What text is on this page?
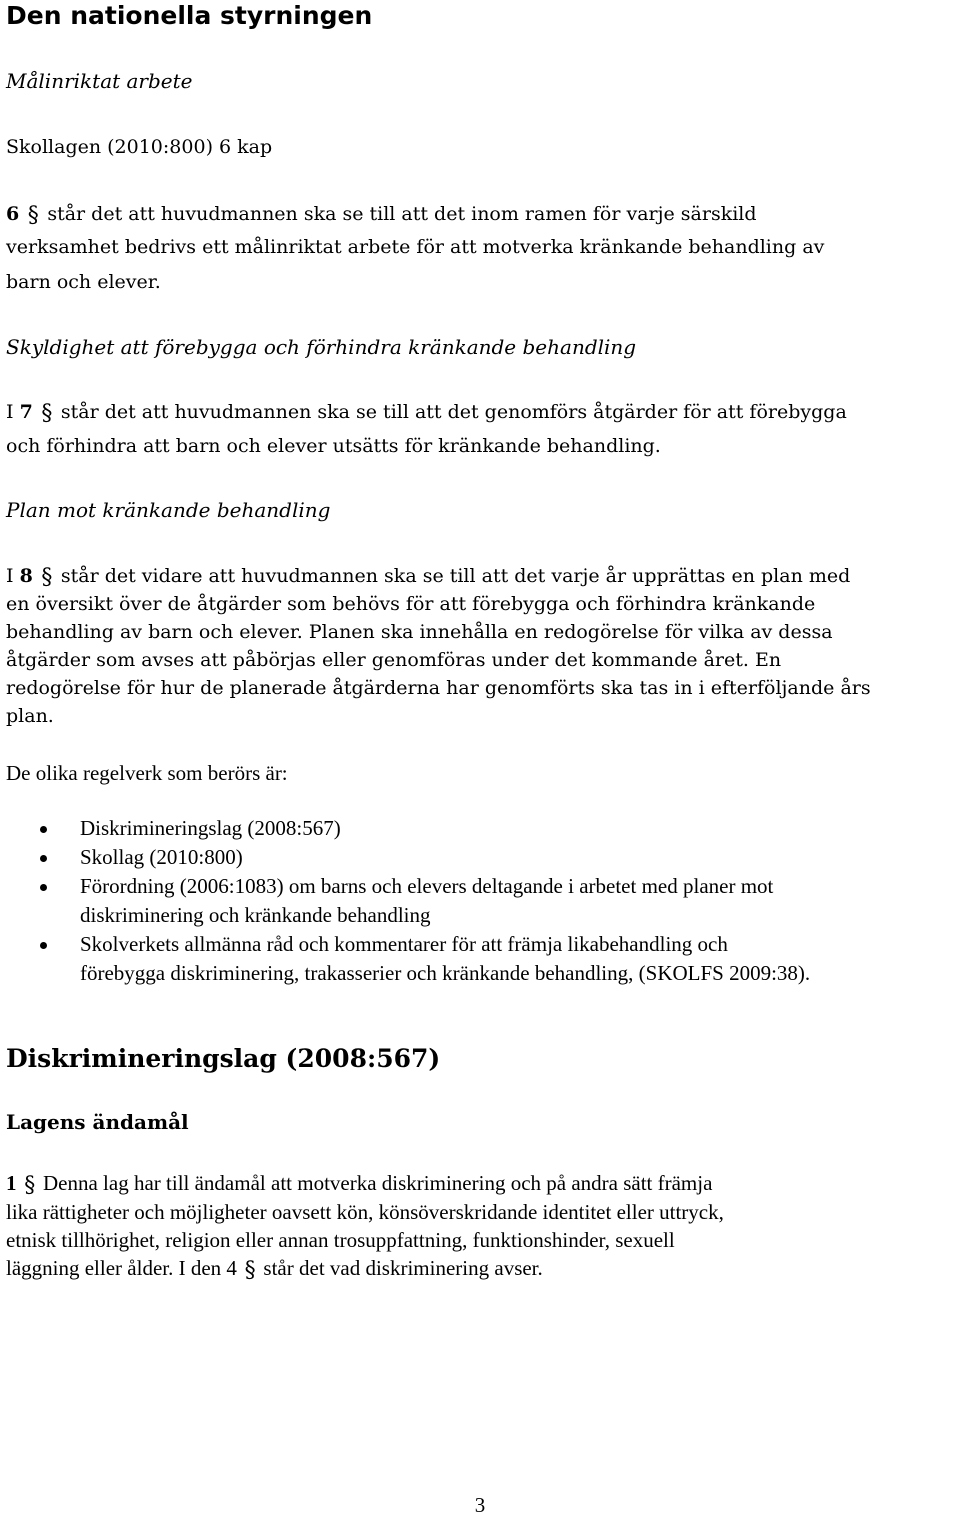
Den nationella styrningen
Målinriktat arbete
Skollagen (2010:800) 6 kap
6 § står det att huvudmannen ska se till att det inom ramen för varje särskild
verksamhet bedrivs ett målinriktat arbete för att motverka kränkande behandling av
barn och elever.
Skyldighet att förebygga och förhindra kränkande behandling
I 7 § står det att huvudmannen ska se till att det genomförs åtgärder för att förebygga
och förhindra att barn och elever utsätts för kränkande behandling.
Plan mot kränkande behandling
I 8 § står det vidare att huvudmannen ska se till att det varje år upprättas en plan med
en översikt över de åtgärder som behövs för att förebygga och förhindra kränkande
behandling av barn och elever. Planen ska innehålla en redogörelse för vilka av dessa
åtgärder som avses att påbörjas eller genomföras under det kommande året. En
redogörelse för hur de planerade åtgärderna har genomförts ska tas in i efterföljande års
plan.
De olika regelverk som berörs är:
Diskrimineringslag (2008:567)
Skollag (2010:800)
Förordning (2006:1083) om barns och elevers deltagande i arbetet med planer mot
diskriminering och kränkande behandling
Skolverkets allmänna råd och kommentarer för att främja likabehandling och
förebygga diskriminering, trakasserier och kränkande behandling, (SKOLFS 2009:38).
Diskrimineringslag (2008:567)
Lagens ändamål
1 § Denna lag har till ändamål att motverka diskriminering och på andra sätt främja
lika rättigheter och möjligheter oavsett kön, könsöverskridande identitet eller uttryck,
etnisk tillhörighet, religion eller annan trosuppfattning, funktionshinder, sexuell
läggning eller ålder. I den 4 § står det vad diskriminering avser.
3
